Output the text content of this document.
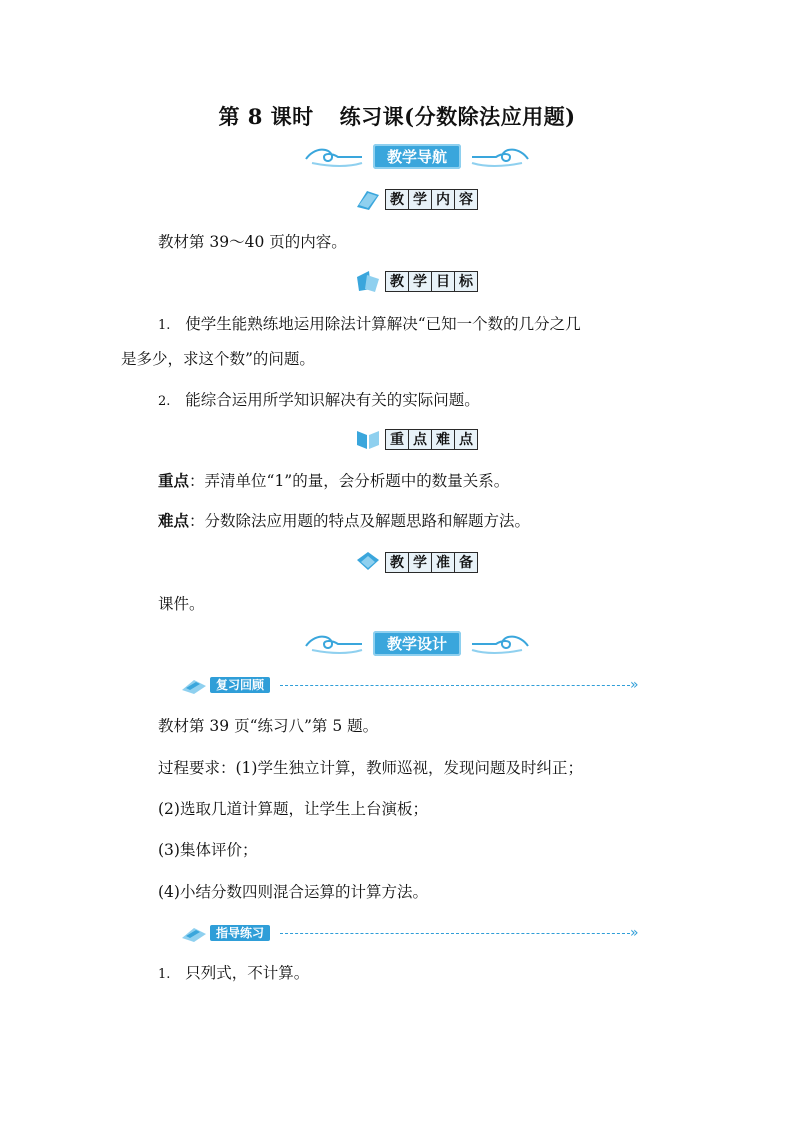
第 8 课时 练习课(分数除法应用题)
教学导航
教 学 内 容
教材第 39～40 页的内容。
教 学 目 标
1. 使学生能熟练地运用除法计算解决“已知一个数的几分之几
是多少，求这个数”的问题。
2. 能综合运用所学知识解决有关的实际问题。
重 点 难 点
重点：弄清单位“1”的量，会分析题中的数量关系。
难点：分数除法应用题的特点及解题思路和解题方法。
教 学 准 备
课件。
教学设计
复习回顾	»
教材第 39 页“练习八”第 5 题。
过程要求：(1)学生独立计算，教师巡视，发现问题及时纠正；
(2)选取几道计算题，让学生上台演板；
(3)集体评价；
(4)小结分数四则混合运算的计算方法。
指导练习	»
1. 只列式，不计算。
